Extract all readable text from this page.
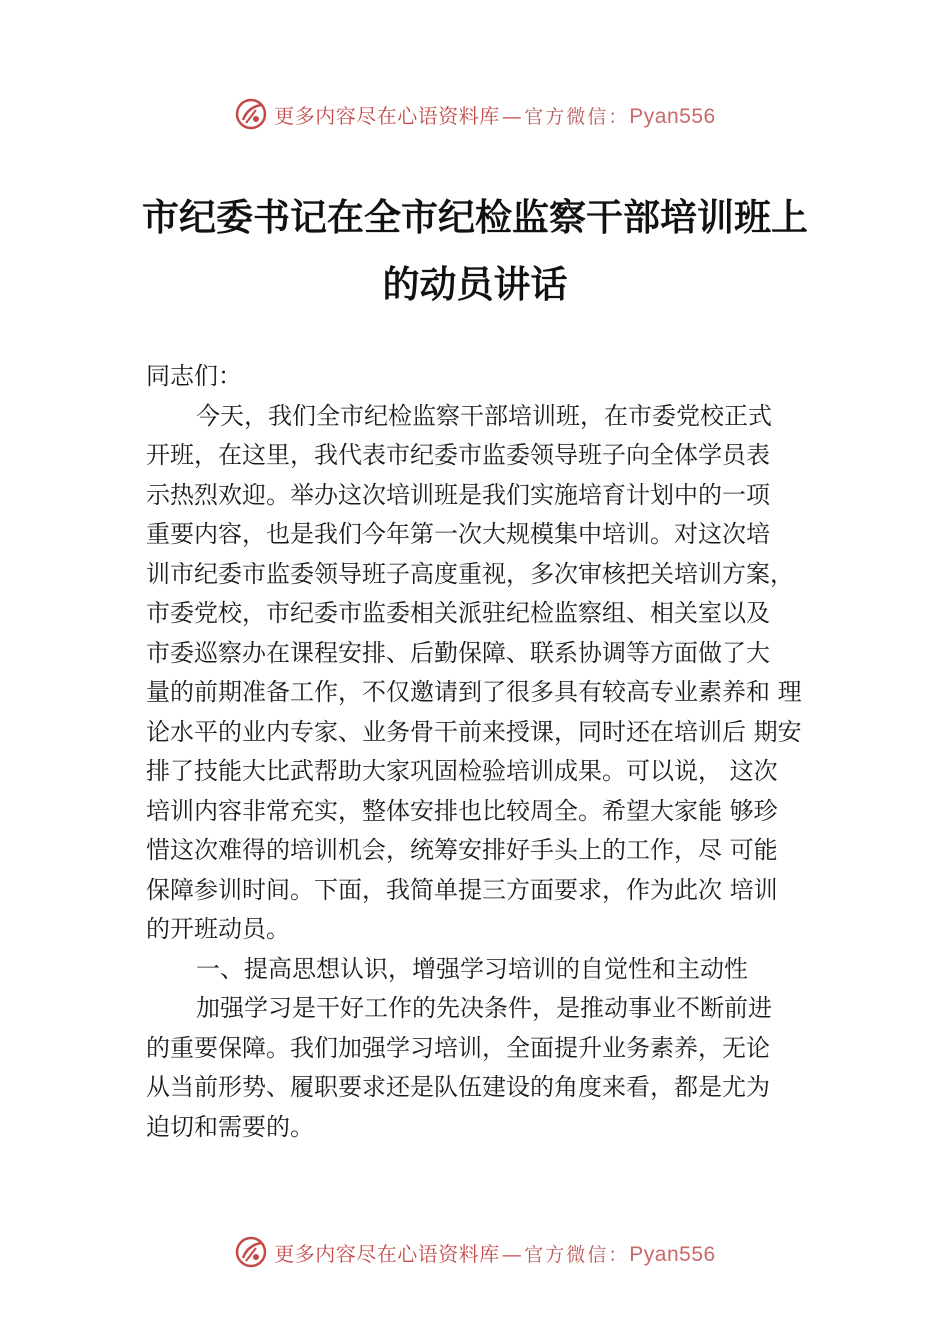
更多内容尽在心语资料库 — 官方微信：Pyan556
市纪委书记在全市纪检监察干部培训班上
的动员讲话
同志们：
今天，我们全市纪检监察干部培训班，在市委党校正式
开班，在这里，我代表市纪委市监委领导班子向全体学员表
示热烈欢迎。举办这次培训班是我们实施培育计划中的一项
重要内容，也是我们今年第一次大规模集中培训。对这次培
训市纪委市监委领导班子高度重视，多次审核把关培训方案，
市委党校，市纪委市监委相关派驻纪检监察组、相关室以及
市委巡察办在课程安排、后勤保障、联系协调等方面做了大
量的前期准备工作，不仅邀请到了很多具有较高专业素养和 理
论水平的业内专家、业务骨干前来授课，同时还在培训后 期安
排了技能大比武帮助大家巩固检验培训成果。可以说， 这次
培训内容非常充实，整体安排也比较周全。希望大家能 够珍
惜这次难得的培训机会，统筹安排好手头上的工作，尽 可能
保障参训时间。下面，我简单提三方面要求，作为此次 培训
的开班动员。
一、提高思想认识，增强学习培训的自觉性和主动性
加强学习是干好工作的先决条件，是推动事业不断前进
的重要保障。我们加强学习培训，全面提升业务素养，无论
从当前形势、履职要求还是队伍建设的角度来看，都是尤为
迫切和需要的。
更多内容尽在心语资料库 — 官方微信：Pyan556
